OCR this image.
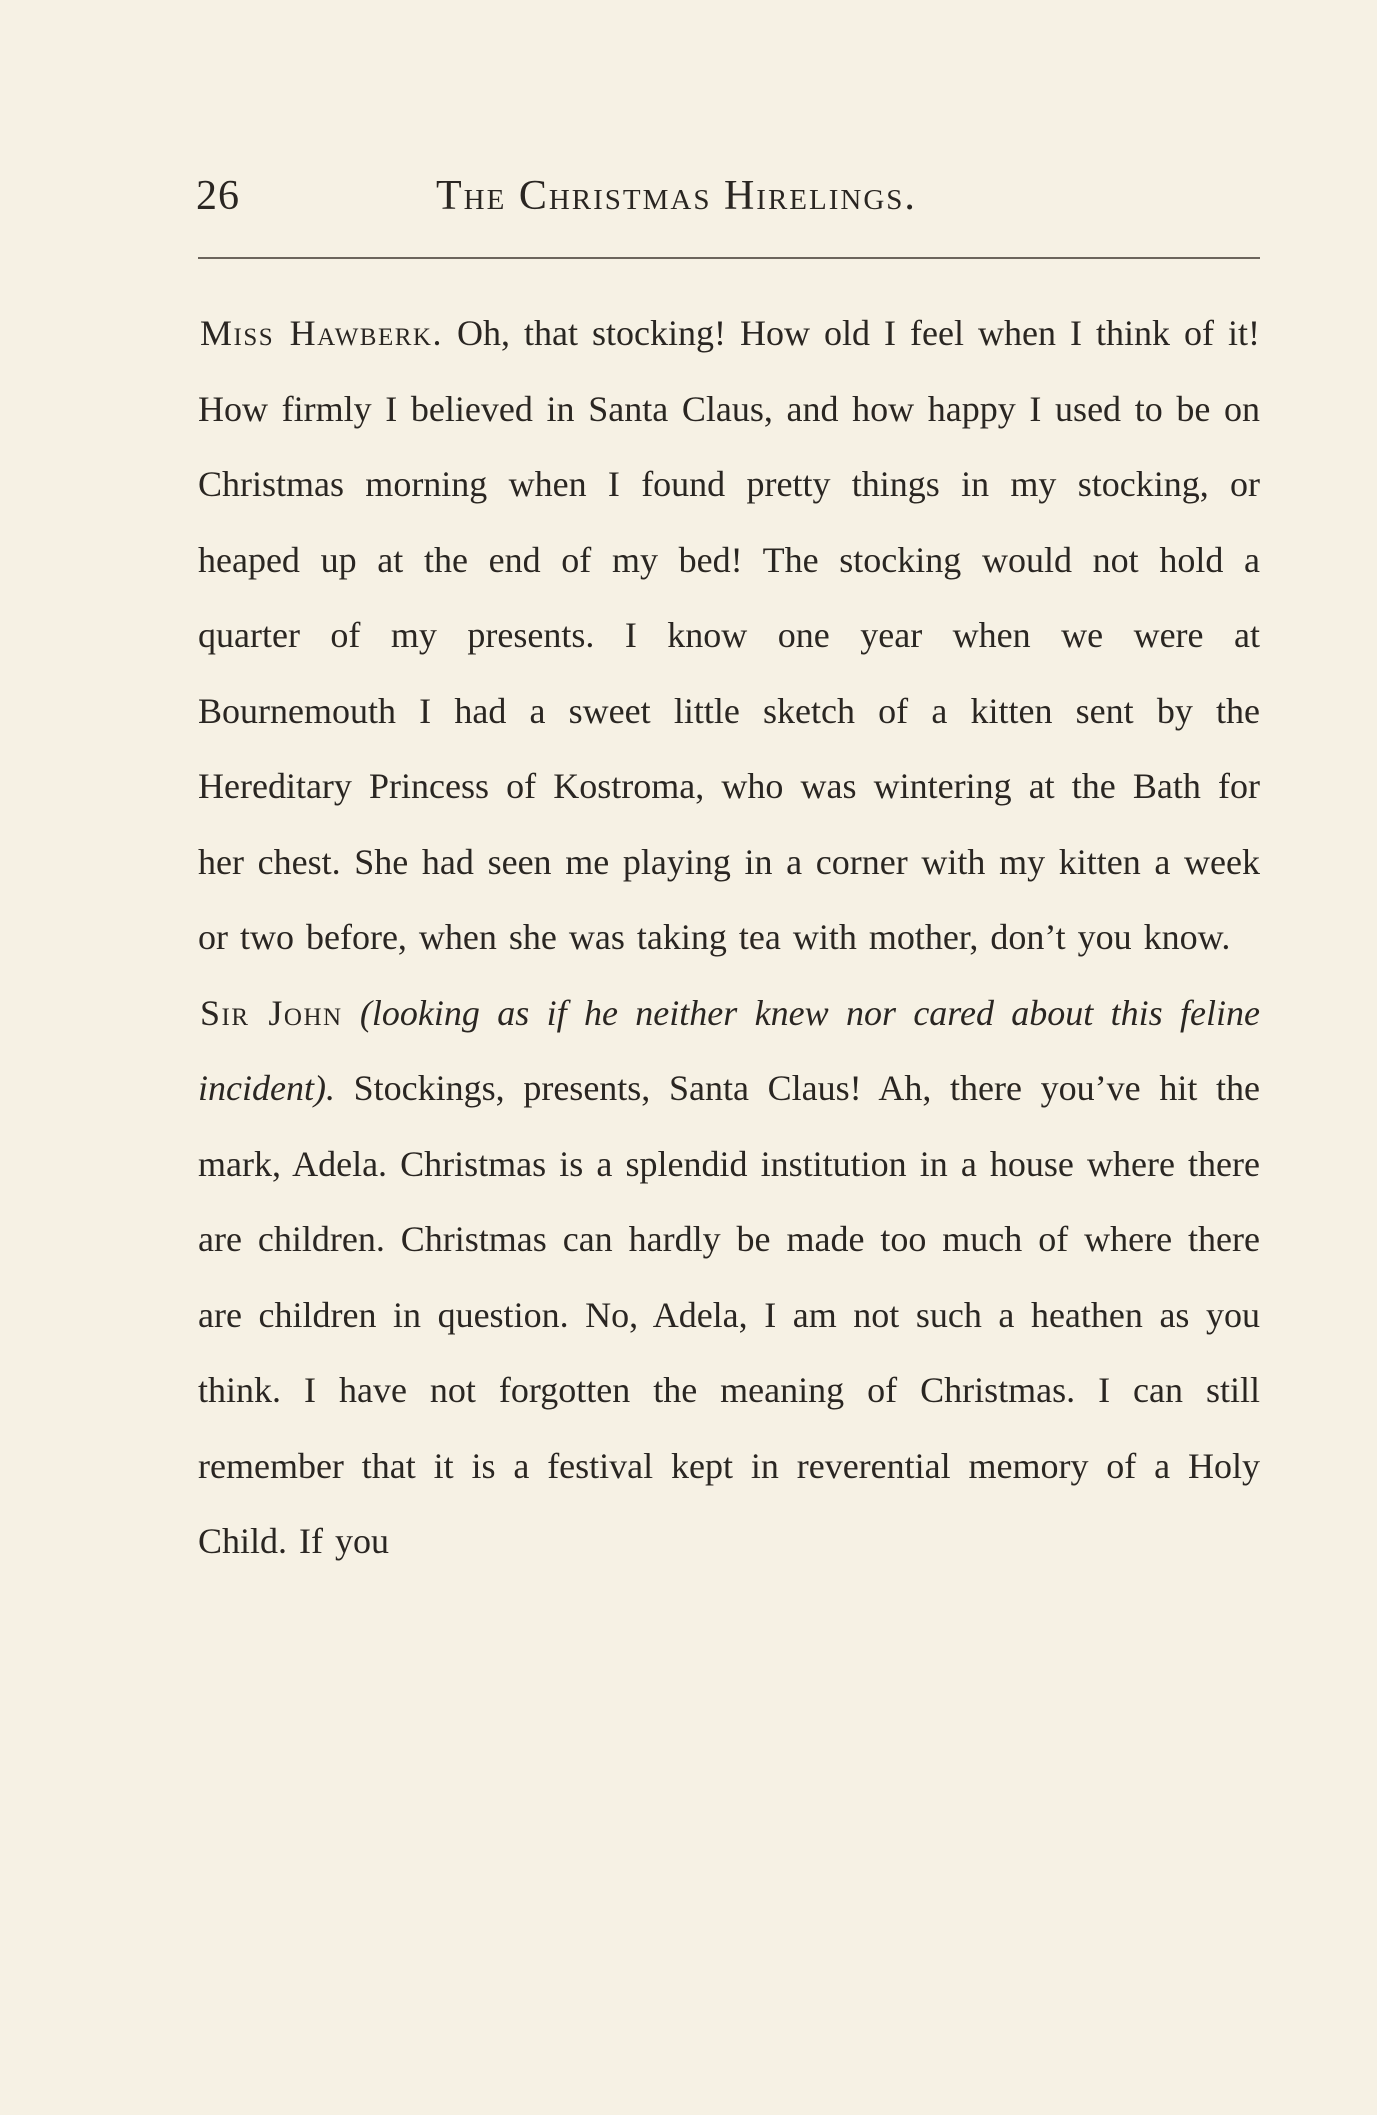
26	The Christmas Hirelings.

Miss Hawberk. Oh, that stocking! How old I feel when I think of it! How firmly I believed in Santa Claus, and how happy I used to be on Christmas morning when I found pretty things in my stocking, or heaped up at the end of my bed! The stocking would not hold a quarter of my presents. I know one year when we were at Bournemouth I had a sweet little sketch of a kitten sent by the Hereditary Princess of Kostroma, who was wintering at the Bath for her chest. She had seen me playing in a corner with my kitten a week or two before, when she was taking tea with mother, don’t you know.

Sir John (looking as if he neither knew nor cared about this feline incident). Stockings, presents, Santa Claus! Ah, there you’ve hit the mark, Adela. Christmas is a splendid institution in a house where there are children. Christmas can hardly be made too much of where there are children in question. No, Adela, I am not such a heathen as you think. I have not forgotten the meaning of Christmas. I can still remember that it is a festival kept in reverential memory of a Holy Child. If you
